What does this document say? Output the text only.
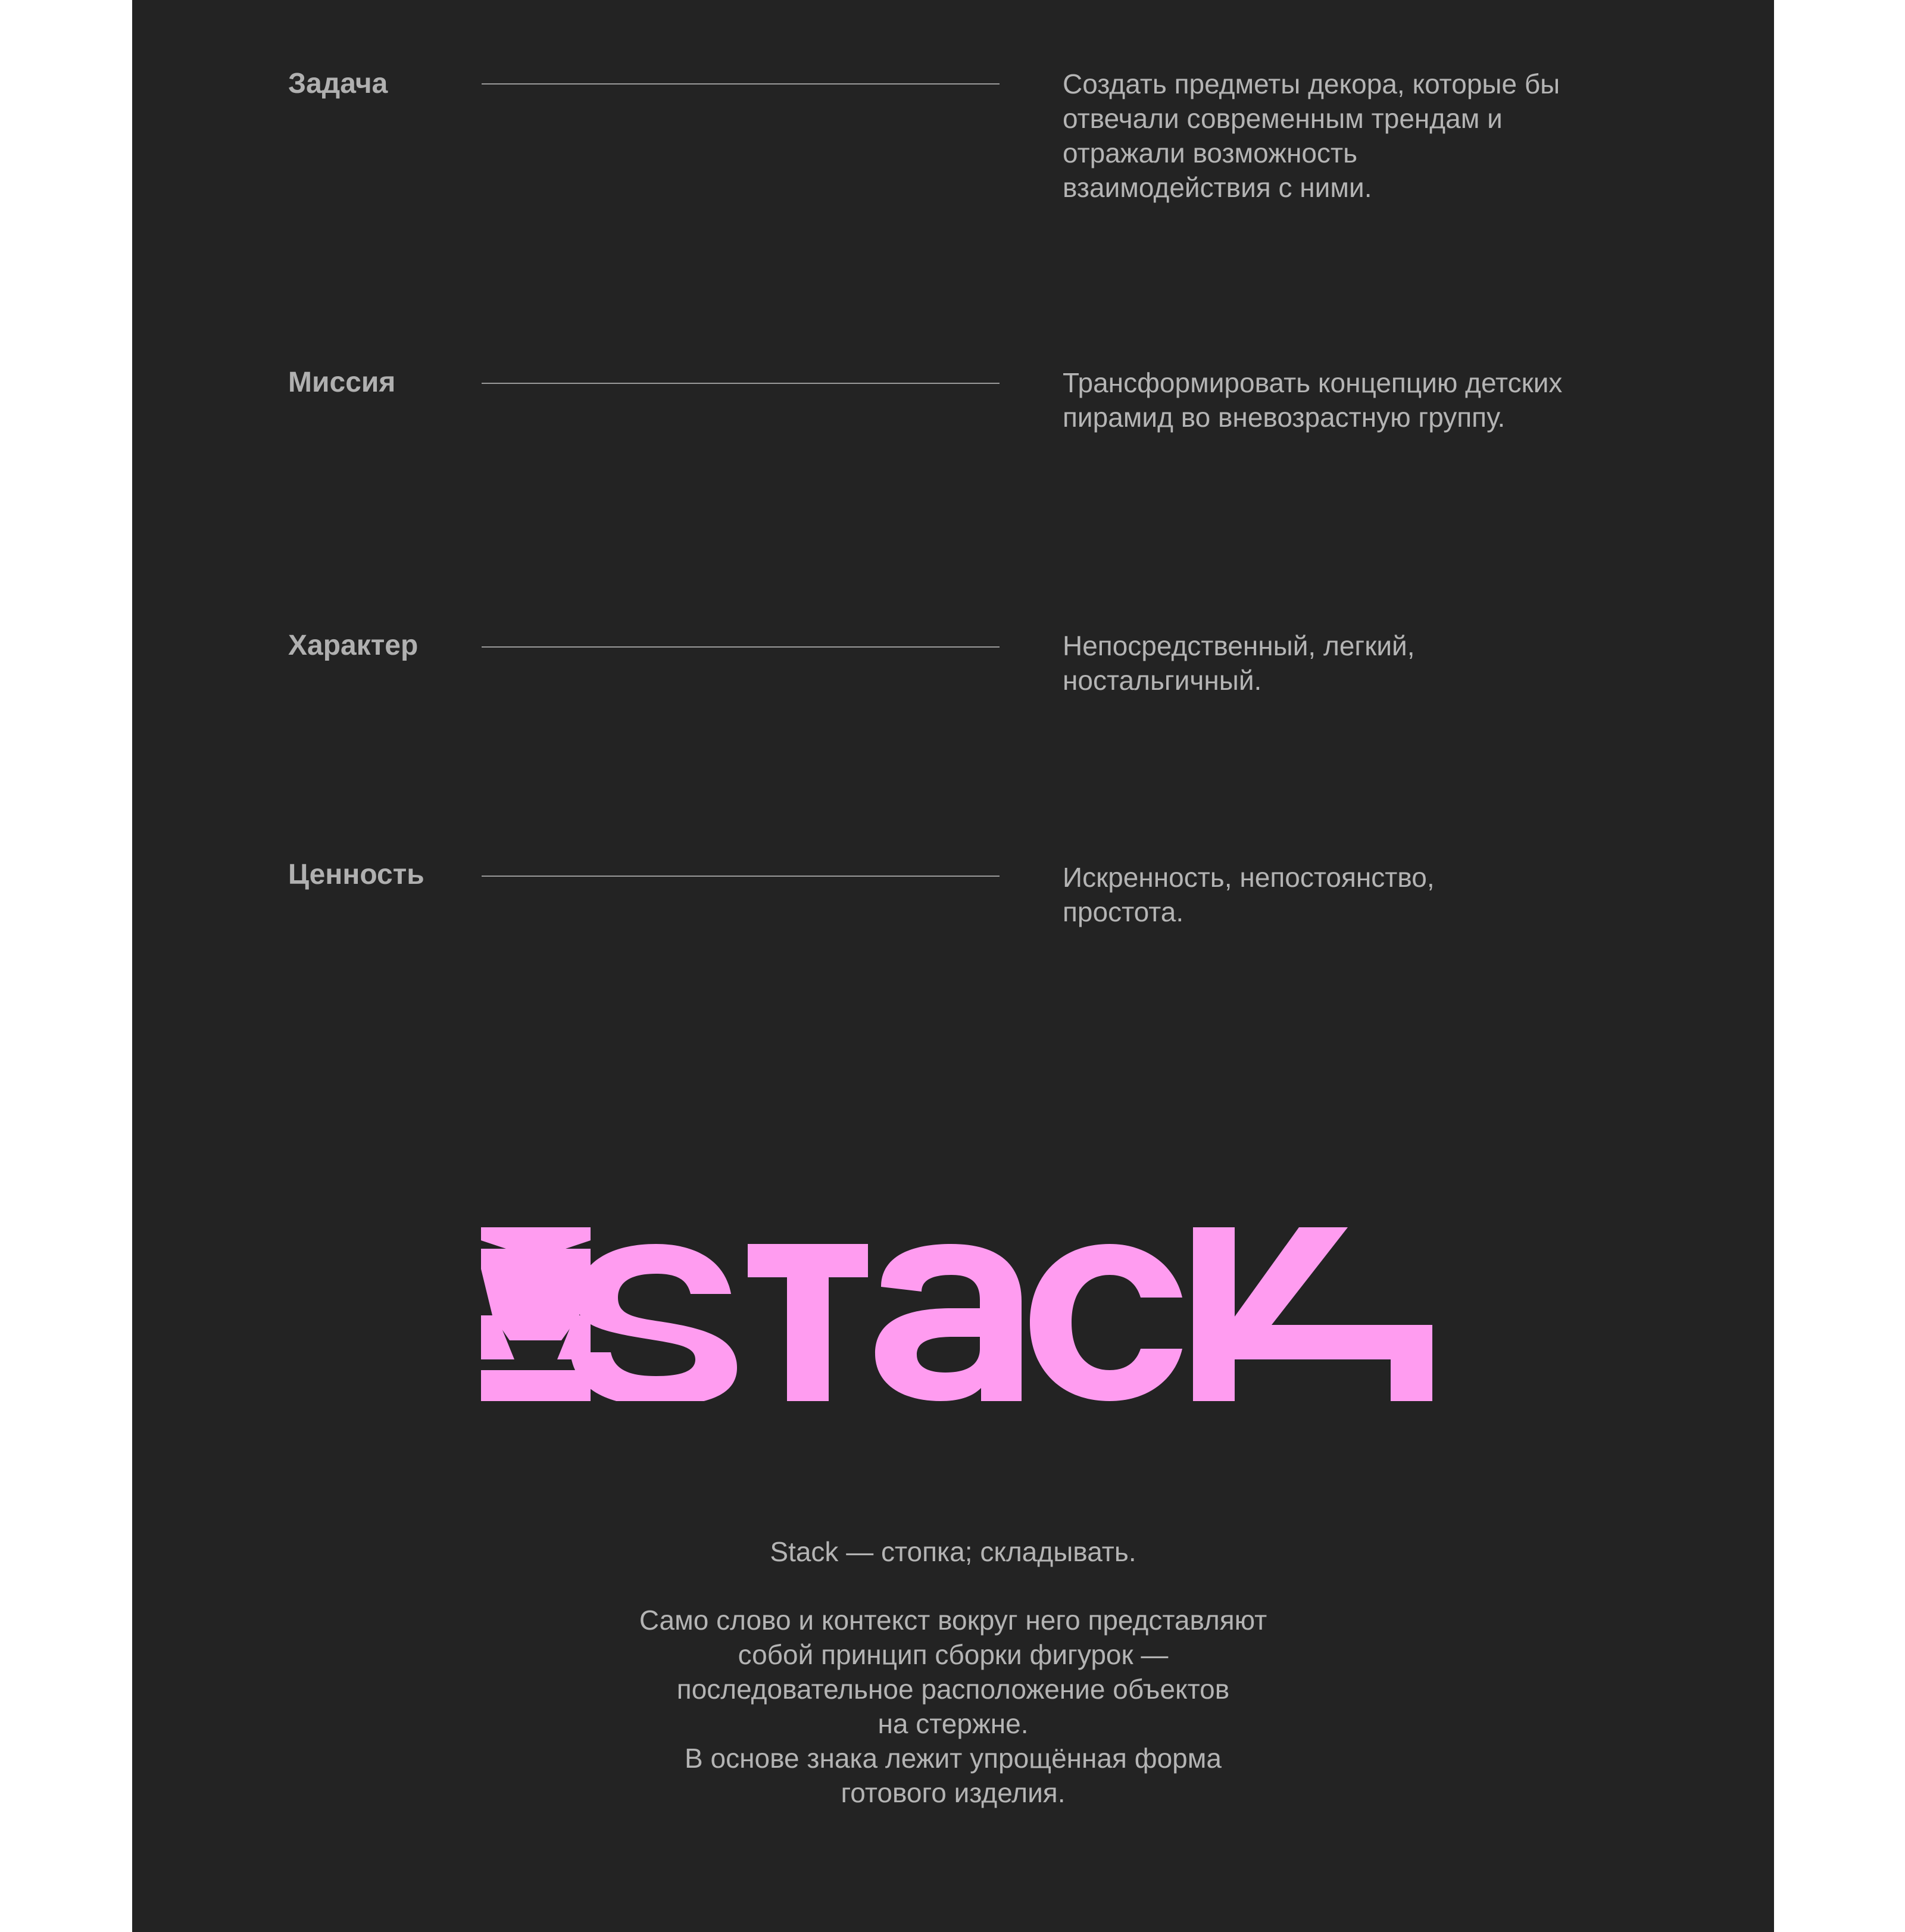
Задача	Создать предметы декора, которые бы
отвечали современным трендам и
отражали возможность
взаимодействия с ними.
Миссия	Трансформировать концепцию детских
пирамид во вневозрастную группу.
Характер	Непосредственный, легкий,
ностальгичный.
Ценность	Искренность, непостоянство,
простота.
Stack — стопка; складывать.
Само слово и контекст вокруг него представляют
собой принцип сборки фигурок —
последовательное расположение объектов
на стержне.
В основе знака лежит упрощённая форма
готового изделия.
